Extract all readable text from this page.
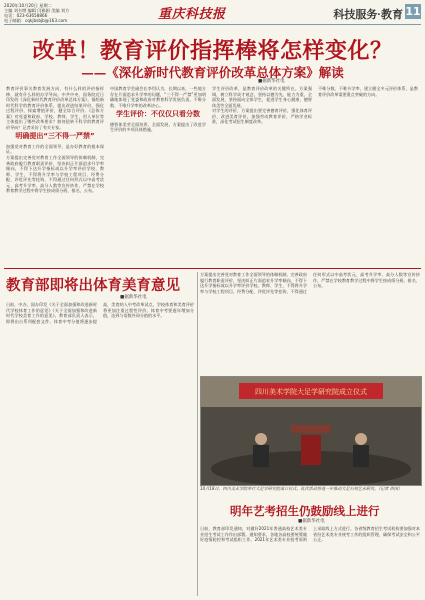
2020年10月20日 星期二
主编 刘书增 编辑 闫雅娟 美编 刘方
电话：023-63658866
电子邮箱：cqkjbsbjb@163.com	重庆科技报	科技服务·教育 11
改革！教育评价指挥棒将怎样变化？
——《深化新时代教育评价改革总体方案》解读
■据新华社电
教育评价事关教育发展方向，有什么样的评价指挥棒，就有什么样的办学导向。中共中央、国务院近日印发的《深化新时代教育评价改革总体方案》，描绘新时代科学的教育评价体系，提出改进结果评价，强化过程评价，探索增值评价，健全综合评价。《总体方案》对党委和政府、学校、教师、学生、用人单位等主体提出了哪些改革要求？如何扭转不科学的教育评价导向？记者采访了有关专家。
明确提出“三不得一严禁”
加强党对教育工作的全面领导，是办好教育的根本保证。
方案提出完善党对教育工作全面领导的体制机制，完善政府履行教育职责评价，坚决纠正片面追求升学率倾向，不得下达升学指标或以升学率评价学校、教师、学生，不得将升学率与学校工程项目、经费分配、评优评先等挂钩，不得通过任何形式以中高考状元、高考升学率、高分人数等宣传炒作，严禁在学校教育教学过程中将学生按成绩分班、排名、公布。
中国教育学会副会长李烈认为，长期以来，一些地方存在片面追求升学率的问题，“三不得一严禁”更加明确地体现了党委和政府对教育科学发展负责，不唯分数、不唯升学率的改革决心。
学生评价：不仅仅只看分数
德智体美劳全面培养、全面发展，方案提出了改进学生评价的多项具体措施。
学生评价改革，是教育评价改革的关键所在。方案强调，树立科学成才观念，坚持以德为先、能力为重、全面发展，坚持面向全体学生，促进学生身心健康、德智体美劳全面发展。
对学生的评价，方案提出要完善德育评价，强化体育评价，改进美育评价，加强劳动教育评价，严格学业标准，深化考试招生制度改革。
不唯分数、不唯升学率，建立健全多元评价体系，是教育评价改革需要重点突破的方向。
教育部即将出体育美育意见
■据新华社电
日前，中办、国办印发《关于全面加强和改进新时代学校体育工作的意见》《关于全面加强和改进新时代学校美育工作的意见》。教育部负责人表示，即将出台系列配套文件，体育中考分值将逐步提高，美育纳入中考改革试点，学校体育和美育评价将更加注重过程性评价。体育中考要逐年增加分值，达到与语数外同分值的水平。
方案提出完善党对教育工作全面领导的体制机制，完善政府履行教育职责评价，坚决纠正片面追求升学率倾向，不得下达升学指标或以升学率评价学校、教师、学生，不得将升学率与学校工程项目、经费分配、评优评先等挂钩，不得通过任何形式以中高考状元、高考升学率、高分人数等宣传炒作，严禁在学校教育教学过程中将学生按成绩分班、排名、公布。
四川美术学院大足学研究院成立仪式
10月18日，四川美术学院举行大足学研究院成立仪式。此次活动将进一步推动大足石刻艺术研究。（记者 供图）
明年艺考招生仍鼓励线上进行
■据新华社电
日前，教育部印发通知，对做好2021年普通高校艺术类专业招生考试工作作出部署。通知要求，各地各高校要统筹做好疫情防控和考试组织工作，2021年艺术类专业校考原则上采取线上方式进行。各省级教育招生考试机构要加强对本省份艺术类专业统考工作的组织管理，确保考试安全和公平公正。
